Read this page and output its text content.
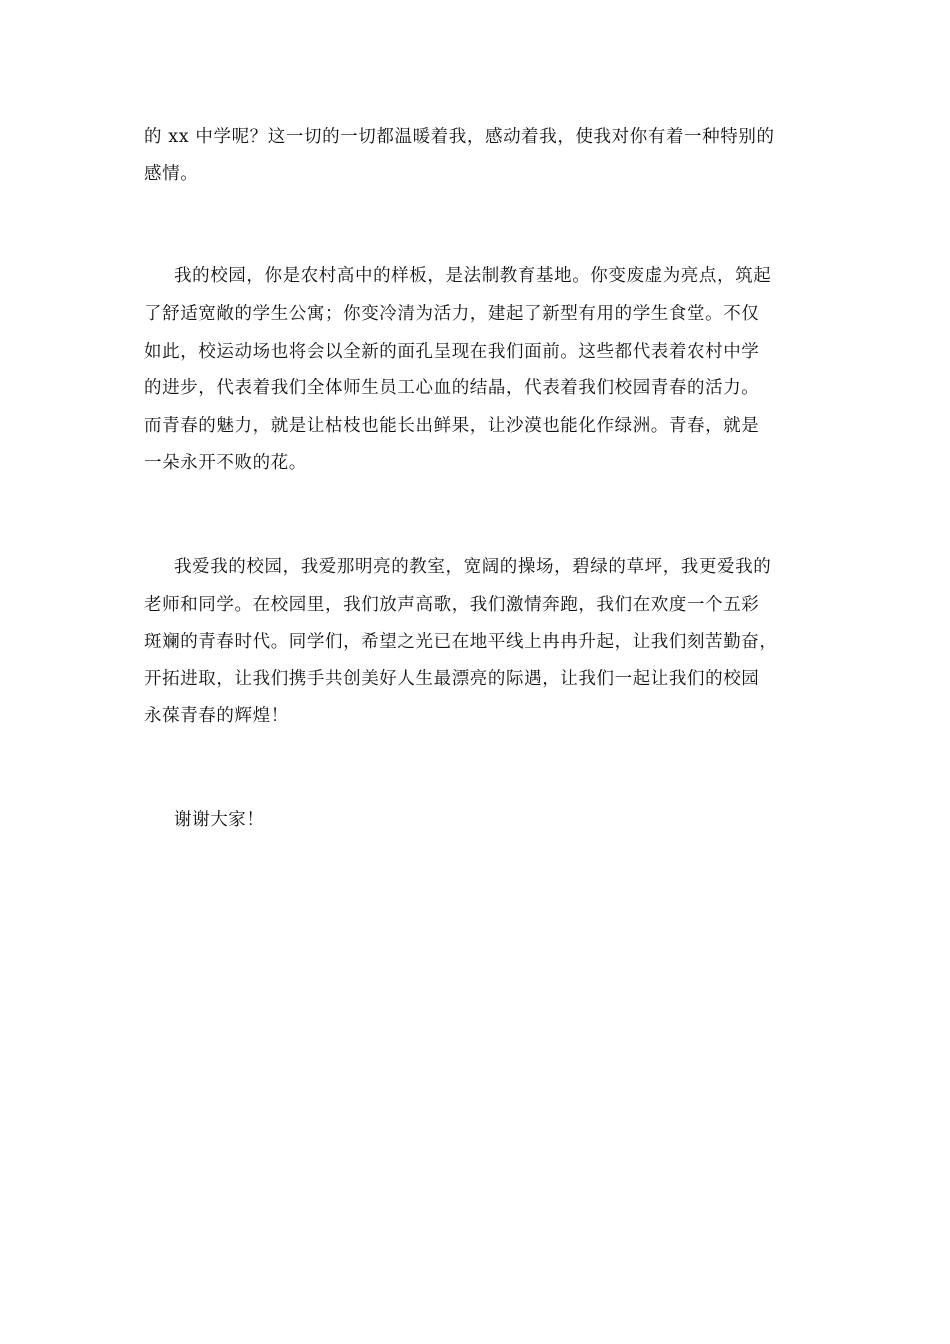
的 xx 中学呢？这一切的一切都温暖着我，感动着我，使我对你有着一种特别的
感情。
我的校园，你是农村高中的样板，是法制教育基地。你变废虚为亮点，筑起
了舒适宽敞的学生公寓；你变冷清为活力，建起了新型有用的学生食堂。不仅
如此，校运动场也将会以全新的面孔呈现在我们面前。这些都代表着农村中学
的进步，代表着我们全体师生员工心血的结晶，代表着我们校园青春的活力。
而青春的魅力，就是让枯枝也能长出鲜果，让沙漠也能化作绿洲。青春，就是
一朵永开不败的花。
我爱我的校园，我爱那明亮的教室，宽阔的操场，碧绿的草坪，我更爱我的
老师和同学。在校园里，我们放声高歌，我们激情奔跑，我们在欢度一个五彩
斑斓的青春时代。同学们，希望之光已在地平线上冉冉升起，让我们刻苦勤奋，
开拓进取，让我们携手共创美好人生最漂亮的际遇，让我们一起让我们的校园
永葆青春的辉煌！
谢谢大家！
